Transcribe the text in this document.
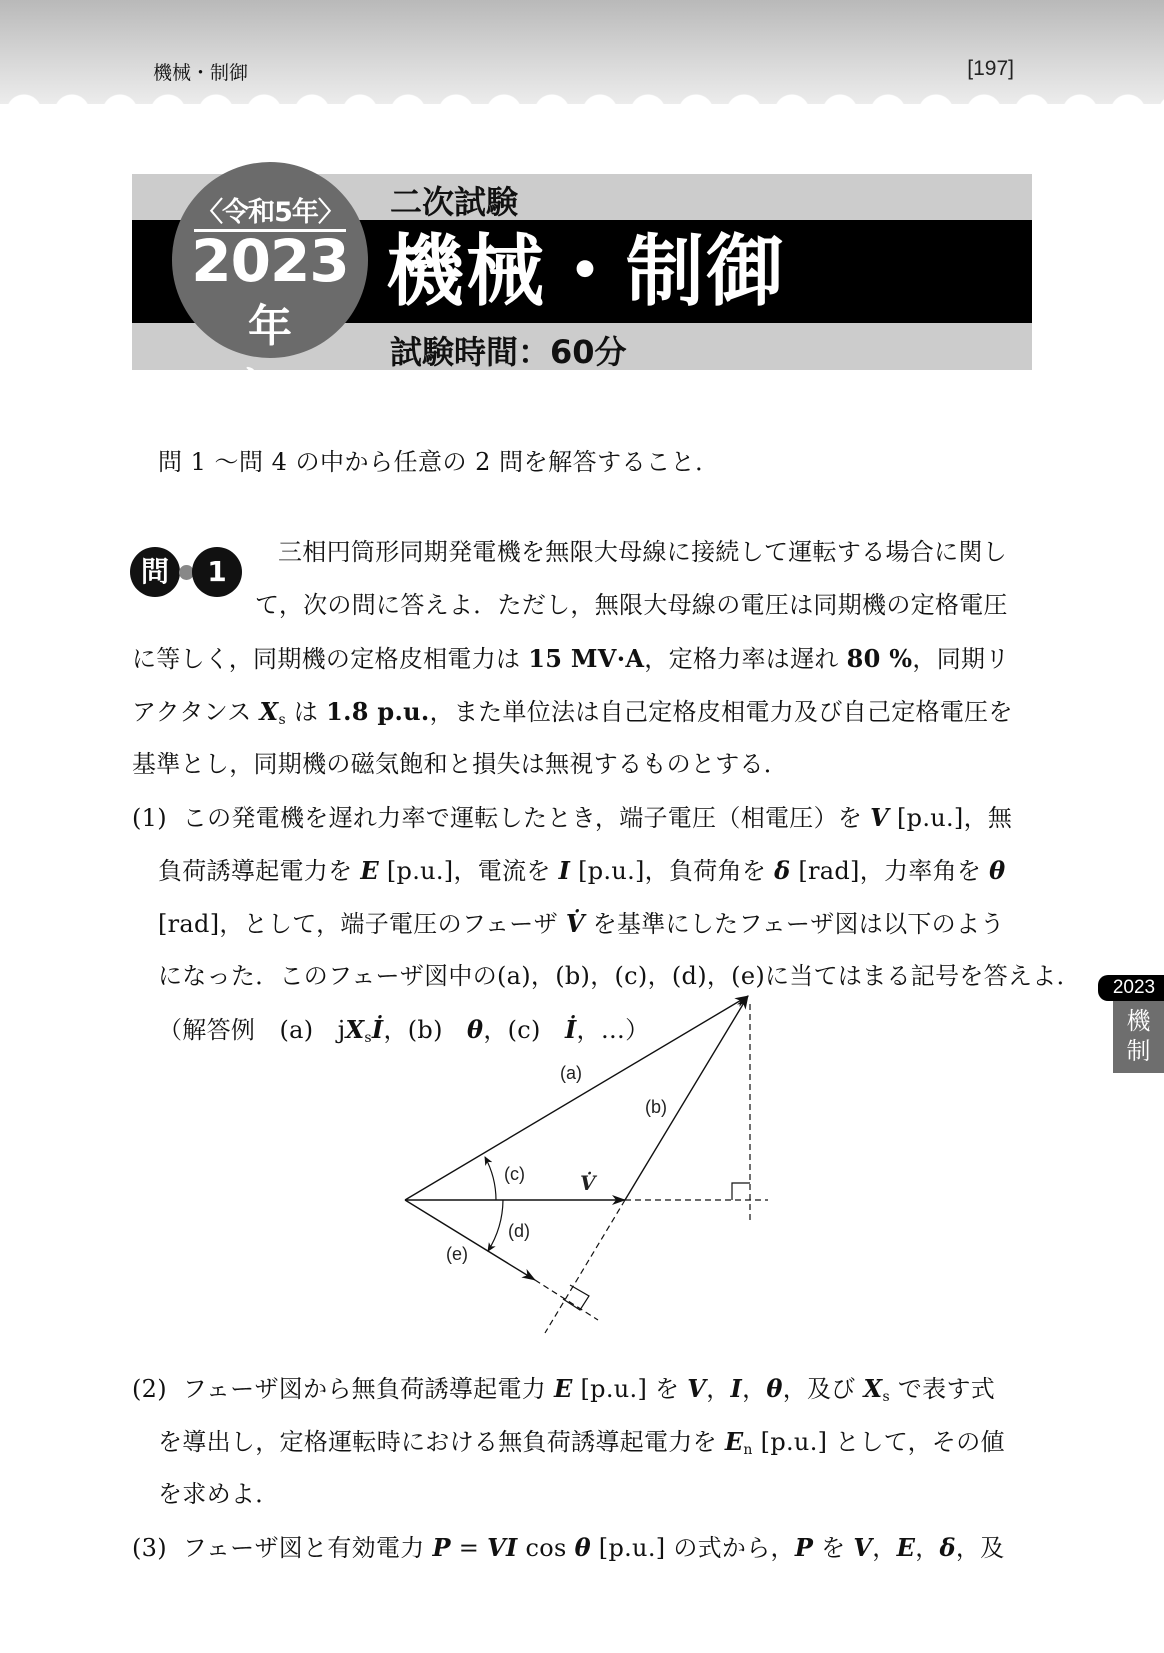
機械・制御	[197]
二次試験
機械・制御
試験時間：60分
〈令和5年〉
2023
年度
問 1 〜問 4 の中から任意の 2 問を解答すること．
問	1
三相円筒形同期発電機を無限大母線に接続して運転する場合に関し
て，次の問に答えよ．ただし，無限大母線の電圧は同期機の定格電圧
に等しく，同期機の定格皮相電力は 15 MV·A，定格力率は遅れ 80 %，同期リ
アクタンス $X_s$ は 1.8 p.u.，また単位法は自己定格皮相電力及び自己定格電圧を
基準とし，同期機の磁気飽和と損失は無視するものとする．
(1) この発電機を遅れ力率で運転したとき，端子電圧（相電圧）を V [p.u.]，無
負荷誘導起電力を E [p.u.]，電流を I [p.u.]，負荷角を δ [rad]，力率角を θ
[rad]，として，端子電圧のフェーザ V̇ を基準にしたフェーザ図は以下のよう
になった．このフェーザ図中の(a)，(b)，(c)，(d)，(e)に当てはまる記号を答えよ．
（解答例　(a)　$jX_sİ$，(b)　θ，(c)　İ，…）
(a)
(b)
(c)
(d)
(e)
V̇
(2) フェーザ図から無負荷誘導起電力 E [p.u.] を V，I，θ，及び $X_s$ で表す式
を導出し，定格運転時における無負荷誘導起電力を $E_n$ [p.u.] として，その値
を求めよ．
(3) フェーザ図と有効電力 P = VI cos θ [p.u.] の式から，P を V，E，δ，及
2023
機
制
